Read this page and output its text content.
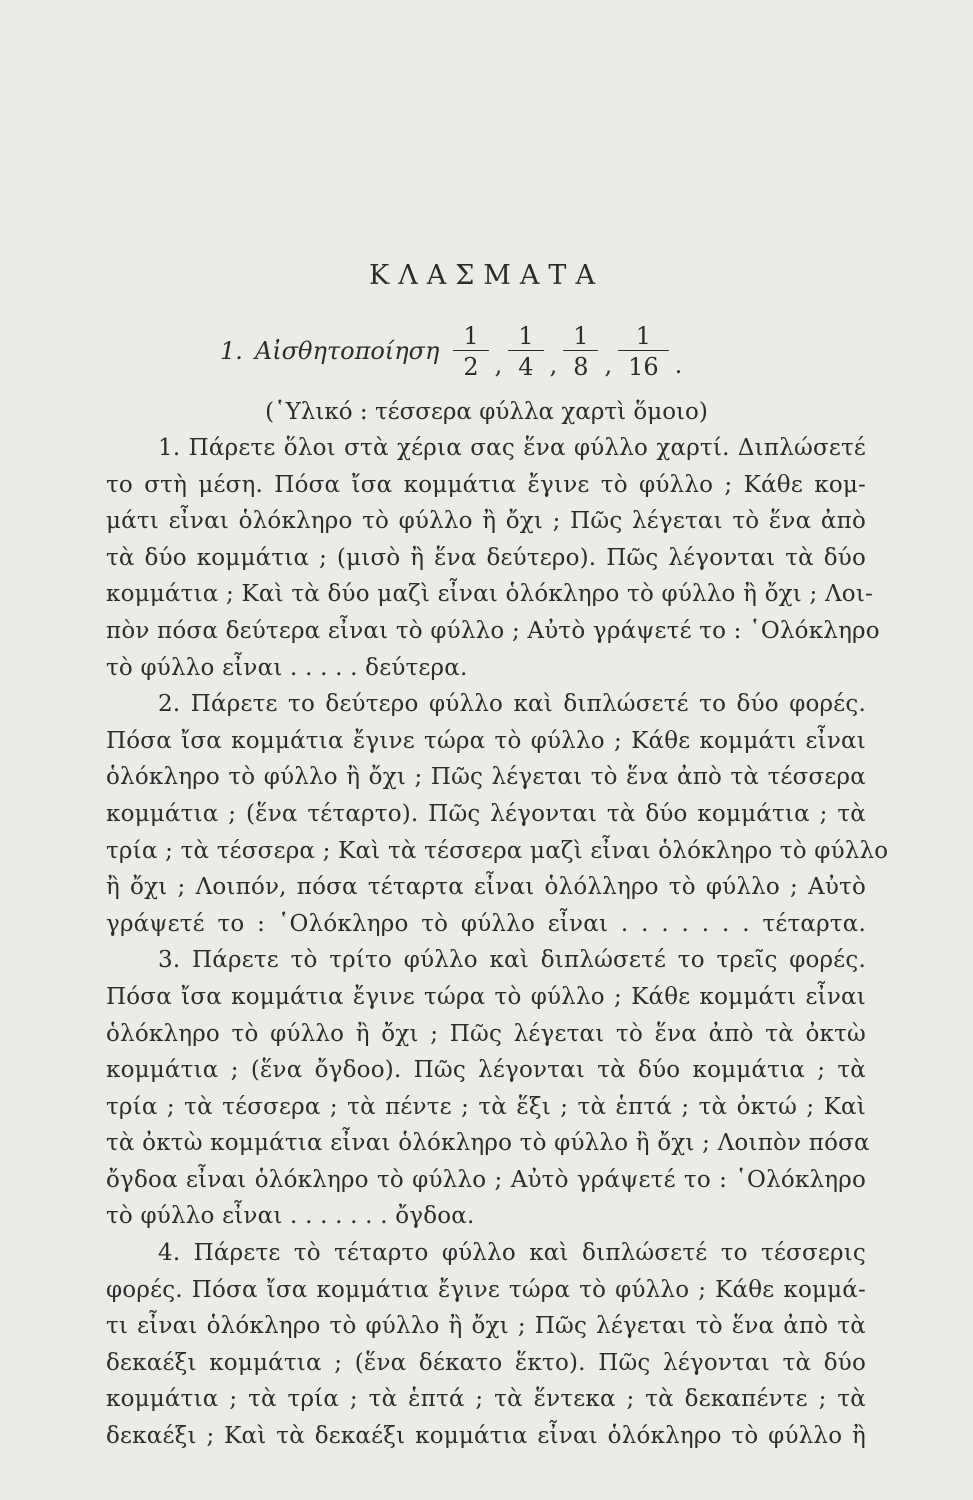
ΚΛΑΣΜΑΤΑ
1. Αἰσθητοποίηση $\frac{1}{2}$ , $\frac{1}{4}$ , $\frac{1}{8}$ , $\frac{1}{16}$ .
(῾Υλικό : τέσσερα φύλλα χαρτὶ ὅμοιο)
1. Πάρετε ὅλοι στὰ χέρια σας ἕνα φύλλο χαρτί. Διπλώσετέ
το στὴ μέση. Πόσα ἴσα κομμάτια ἔγινε τὸ φύλλο ; Κάθε κομ-
μάτι εἶναι ὁλόκληρο τὸ φύλλο ἢ ὄχι ; Πῶς λέγεται τὸ ἕνα ἀπὸ
τὰ δύο κομμάτια ; (μισὸ ἢ ἕνα δεύτερο). Πῶς λέγονται τὰ δύο
κομμάτια ; Καὶ τὰ δύο μαζὶ εἶναι ὁλόκληρο τὸ φύλλο ἢ ὄχι ; Λοι-
πὸν πόσα δεύτερα εἶναι τὸ φύλλο ; Αὐτὸ γράψετέ το : ῾Ολόκληρο
τὸ φύλλο εἶναι . . . . . δεύτερα.
2. Πάρετε το δεύτερο φύλλο καὶ διπλώσετέ το δύο φορές.
Πόσα ἴσα κομμάτια ἔγινε τώρα τὸ φύλλο ; Κάθε κομμάτι εἶναι
ὁλόκληρο τὸ φύλλο ἢ ὄχι ; Πῶς λέγεται τὸ ἕνα ἀπὸ τὰ τέσσερα
κομμάτια ; (ἕνα τέταρτο). Πῶς λέγονται τὰ δύο κομμάτια ; τὰ
τρία ; τὰ τέσσερα ; Καὶ τὰ τέσσερα μαζὶ εἶναι ὁλόκληρο τὸ φύλλο
ἢ ὄχι ; Λοιπόν, πόσα τέταρτα εἶναι ὁλόλληρο τὸ φύλλο ; Αὐτὸ
γράψετέ το : ῾Ολόκληρο τὸ φύλλο εἶναι . . . . . . . τέταρτα.
3. Πάρετε τὸ τρίτο φύλλο καὶ διπλώσετέ το τρεῖς φορές.
Πόσα ἴσα κομμάτια ἔγινε τώρα τὸ φύλλο ; Κάθε κομμάτι εἶναι
ὁλόκληρο τὸ φύλλο ἢ ὄχι ; Πῶς λέγεται τὸ ἕνα ἀπὸ τὰ ὀκτὼ
κομμάτια ; (ἕνα ὄγδοο). Πῶς λέγονται τὰ δύο κομμάτια ; τὰ
τρία ; τὰ τέσσερα ; τὰ πέντε ; τὰ ἕξι ; τὰ ἑπτά ; τὰ ὀκτώ ; Καὶ
τὰ ὀκτὼ κομμάτια εἶναι ὁλόκληρο τὸ φύλλο ἢ ὄχι ; Λοιπὸν πόσα
ὄγδοα εἶναι ὁλόκληρο τὸ φύλλο ; Αὐτὸ γράψετέ το : ῾Ολόκληρο
τὸ φύλλο εἶναι . . . . . . . ὄγδοα.
4. Πάρετε τὸ τέταρτο φύλλο καὶ διπλώσετέ το τέσσερις
φορές. Πόσα ἴσα κομμάτια ἔγινε τώρα τὸ φύλλο ; Κάθε κομμά-
τι εἶναι ὁλόκληρο τὸ φύλλο ἢ ὄχι ; Πῶς λέγεται τὸ ἕνα ἀπὸ τὰ
δεκαέξι κομμάτια ; (ἕνα δέκατο ἕκτο). Πῶς λέγονται τὰ δύο
κομμάτια ; τὰ τρία ; τὰ ἑπτά ; τὰ ἕντεκα ; τὰ δεκαπέντε ; τὰ
δεκαέξι ; Καὶ τὰ δεκαέξι κομμάτια εἶναι ὁλόκληρο τὸ φύλλο ἢ
